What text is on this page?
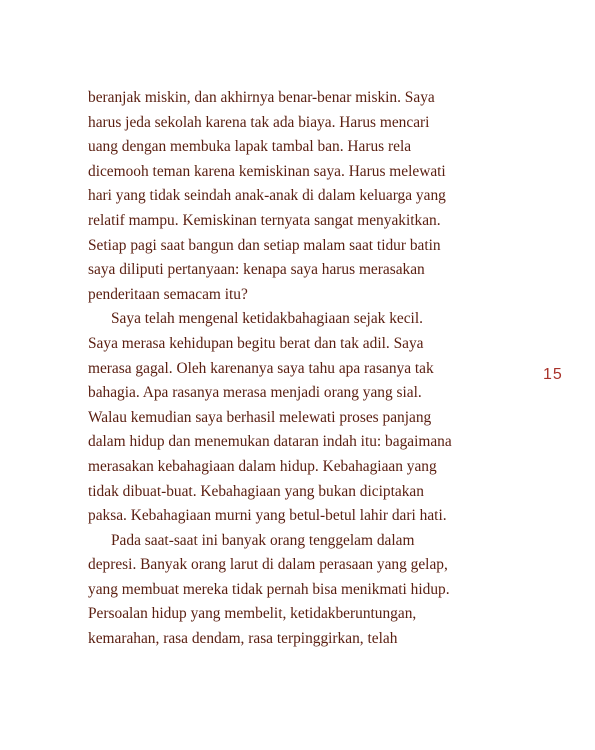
beranjak miskin, dan akhirnya benar-benar miskin. Saya
harus jeda sekolah karena tak ada biaya. Harus mencari
uang dengan membuka lapak tambal ban. Harus rela
dicemooh teman karena kemiskinan saya. Harus melewati
hari yang tidak seindah anak-anak di dalam keluarga yang
relatif mampu. Kemiskinan ternyata sangat menyakitkan.
Setiap pagi saat bangun dan setiap malam saat tidur batin
saya diliputi pertanyaan: kenapa saya harus merasakan
penderitaan semacam itu?
Saya telah mengenal ketidakbahagiaan sejak kecil.
Saya merasa kehidupan begitu berat dan tak adil. Saya
merasa gagal. Oleh karenanya saya tahu apa rasanya tak
bahagia. Apa rasanya merasa menjadi orang yang sial.
Walau kemudian saya berhasil melewati proses panjang
dalam hidup dan menemukan dataran indah itu: bagaimana
merasakan kebahagiaan dalam hidup. Kebahagiaan yang
tidak dibuat-buat. Kebahagiaan yang bukan diciptakan
paksa. Kebahagiaan murni yang betul-betul lahir dari hati.
Pada saat-saat ini banyak orang tenggelam dalam
depresi. Banyak orang larut di dalam perasaan yang gelap,
yang membuat mereka tidak pernah bisa menikmati hidup.
Persoalan hidup yang membelit, ketidakberuntungan,
kemarahan, rasa dendam, rasa terpinggirkan, telah
15
